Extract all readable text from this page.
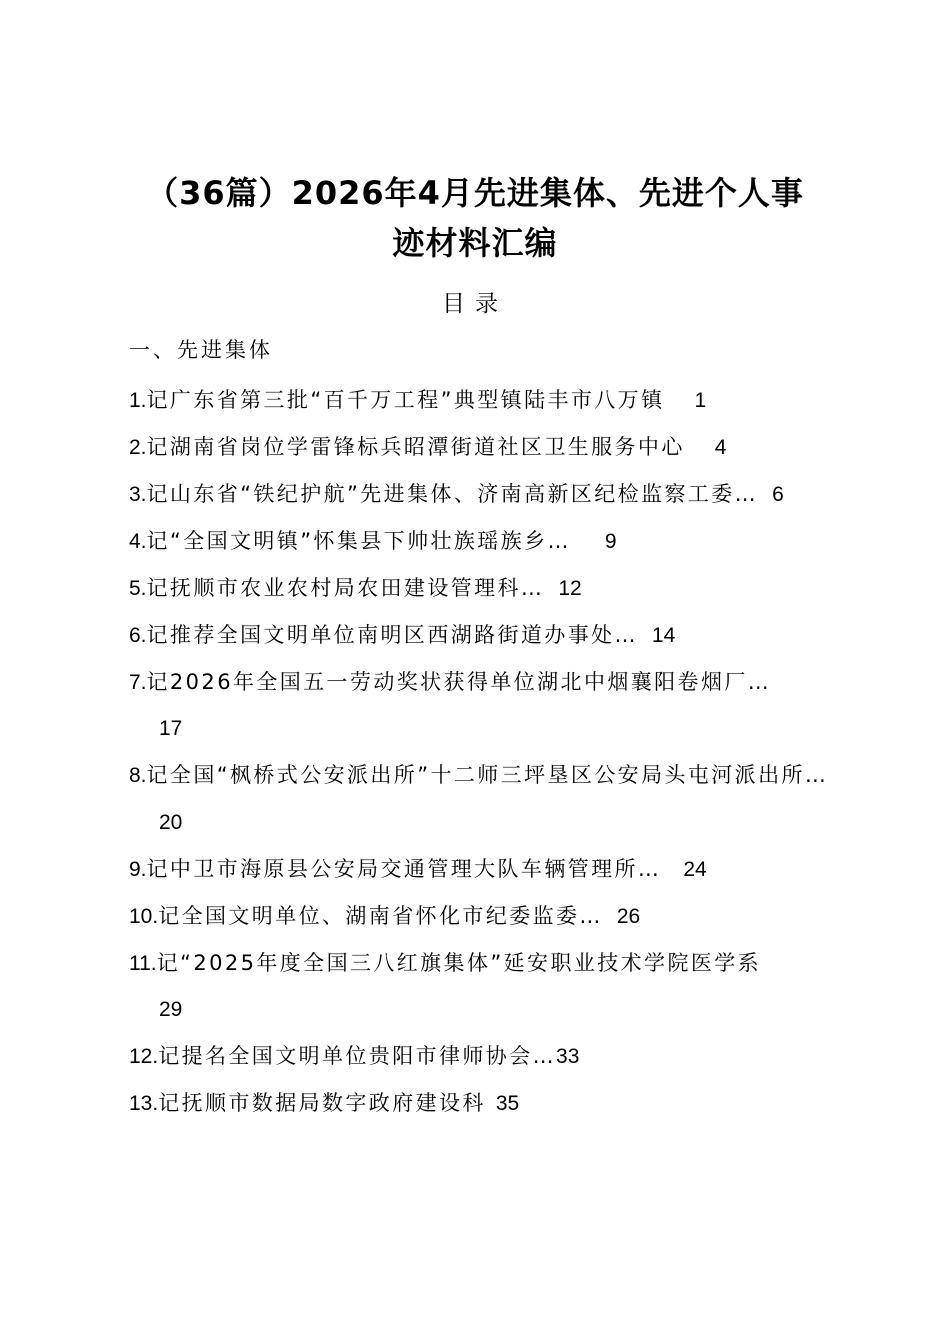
（36篇）2026年4月先进集体、先进个人事
迹材料汇编
目录
一、先进集体
1.记广东省第三批“百千万工程”典型镇陆丰市八万镇 1
2.记湖南省岗位学雷锋标兵昭潭街道社区卫生服务中心 4
3.记山东省“铁纪护航”先进集体、济南高新区纪检监察工委… 6
4.记“全国文明镇”怀集县下帅壮族瑶族乡… 9
5.记抚顺市农业农村局农田建设管理科… 12
6.记推荐全国文明单位南明区西湖路街道办事处… 14
7.记2026年全国五一劳动奖状获得单位湖北中烟襄阳卷烟厂…
17
8.记全国“枫桥式公安派出所”十二师三坪垦区公安局头屯河派出所…20
9.记中卫市海原县公安局交通管理大队车辆管理所… 24
10.记全国文明单位、湖南省怀化市纪委监委… 26
11.记“2025年度全国三八红旗集体”延安职业技术学院医学系
29
12.记提名全国文明单位贵阳市律师协会…33
13.记抚顺市数据局数字政府建设科 35
